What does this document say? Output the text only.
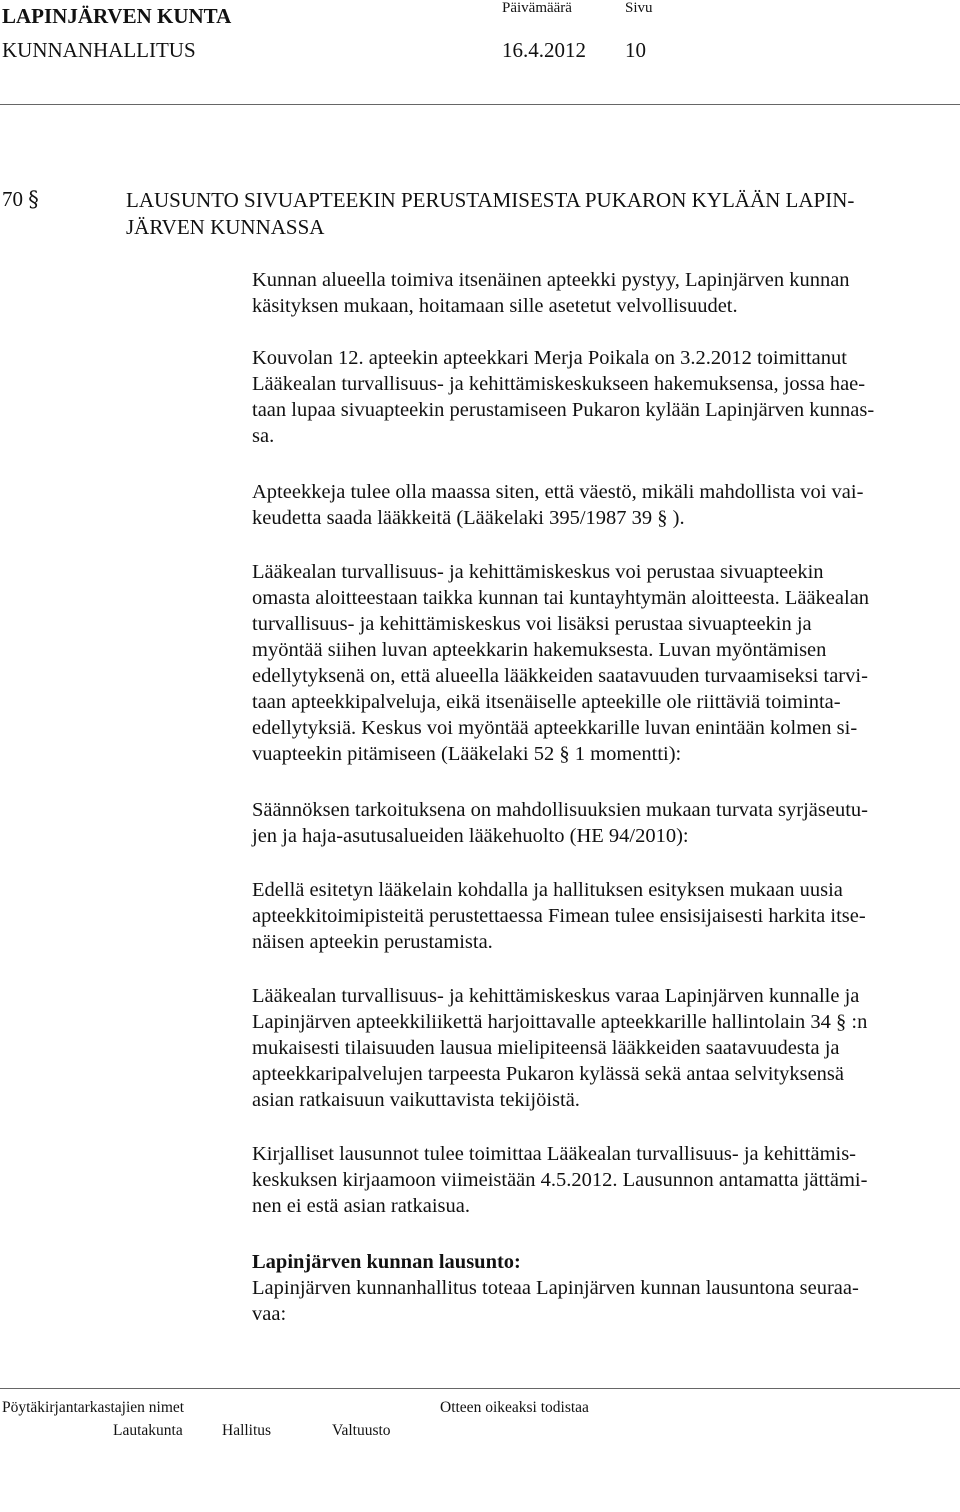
LAPINJÄRVEN KUNTA
KUNNANHALLITUS
Päivämäärä	Sivu
16.4.2012 10
70 §	LAUSUNTO SIVUAPTEEKIN PERUSTAMISESTA PUKARON KYLÄÄN LAPIN-
JÄRVEN KUNNASSA
Kunnan alueella toimiva itsenäinen apteekki pystyy, Lapinjärven kunnan
käsityksen mukaan, hoitamaan sille asetetut velvollisuudet.
Kouvolan 12. apteekin apteekkari Merja Poikala on 3.2.2012 toimittanut
Lääkealan turvallisuus- ja kehittämiskeskukseen hakemuksensa, jossa hae-
taan lupaa sivuapteekin perustamiseen Pukaron kylään Lapinjärven kunnas-
sa.
Apteekkeja tulee olla maassa siten, että väestö, mikäli mahdollista voi vai-
keudetta saada lääkkeitä (Lääkelaki 395/1987 39 § ).
Lääkealan turvallisuus- ja kehittämiskeskus voi perustaa sivuapteekin
omasta aloitteestaan taikka kunnan tai kuntayhtymän aloitteesta. Lääkealan
turvallisuus- ja kehittämiskeskus voi lisäksi perustaa sivuapteekin ja
myöntää siihen luvan apteekkarin hakemuksesta. Luvan myöntämisen
edellytyksenä on, että alueella lääkkeiden saatavuuden turvaamiseksi tarvi-
taan apteekkipalveluja, eikä itsenäiselle apteekille ole riittäviä toiminta-
edellytyksiä. Keskus voi myöntää apteekkarille luvan enintään kolmen si-
vuapteekin pitämiseen (Lääkelaki 52 § 1 momentti):
Säännöksen tarkoituksena on mahdollisuuksien mukaan turvata syrjäseutu-
jen ja haja-asutusalueiden lääkehuolto (HE 94/2010):
Edellä esitetyn lääkelain kohdalla ja hallituksen esityksen mukaan uusia
apteekkitoimipisteitä perustettaessa Fimean tulee ensisijaisesti harkita itse-
näisen apteekin perustamista.
Lääkealan turvallisuus- ja kehittämiskeskus varaa Lapinjärven kunnalle ja
Lapinjärven apteekkiliikettä harjoittavalle apteekkarille hallintolain 34 § :n
mukaisesti tilaisuuden lausua mielipiteensä lääkkeiden saatavuudesta ja
apteekkaripalvelujen tarpeesta Pukaron kylässä sekä antaa selvityksensä
asian ratkaisuun vaikuttavista tekijöistä.
Kirjalliset lausunnot tulee toimittaa Lääkealan turvallisuus- ja kehittämis-
keskuksen kirjaamoon viimeistään 4.5.2012. Lausunnon antamatta jättämi-
nen ei estä asian ratkaisua.
Lapinjärven kunnan lausunto:
Lapinjärven kunnanhallitus toteaa Lapinjärven kunnan lausuntona seuraa-
vaa:
Pöytäkirjantarkastajien nimet	Otteen oikeaksi todistaa
Lautakunta	Hallitus	Valtuusto
